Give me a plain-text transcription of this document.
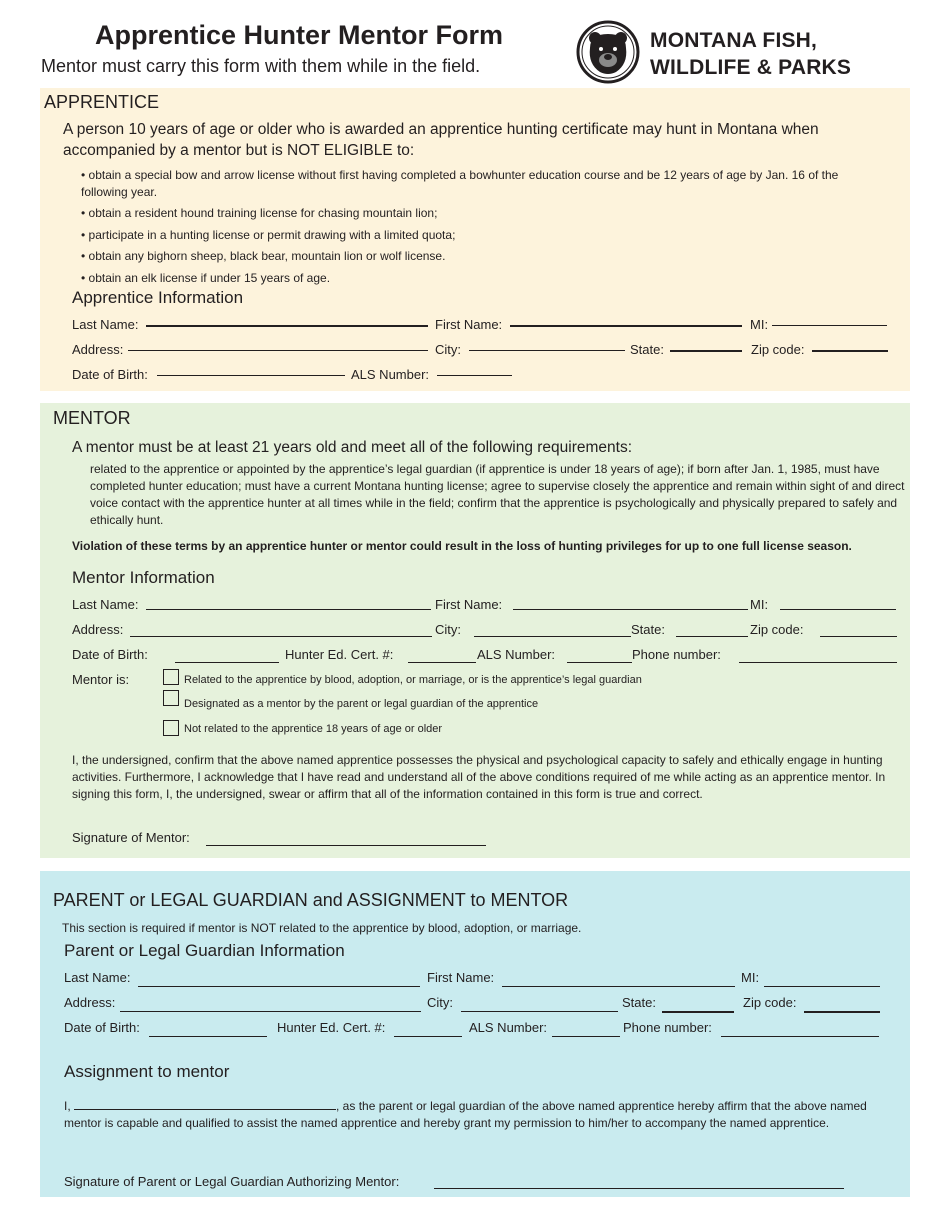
Apprentice Hunter Mentor Form
Mentor must carry this form with them while in the field.
MONTANA FISH,
WILDLIFE & PARKS
APPRENTICE
A person 10 years of age or older who is awarded an apprentice hunting certificate may hunt in Montana when accompanied by a mentor but is NOT ELIGIBLE to:
• obtain a special bow and arrow license without first having completed a bowhunter education course and be 12 years of age by Jan. 16 of the following year.
• obtain a resident hound training license for chasing mountain lion;
• participate in a hunting license or permit drawing with a limited quota;
• obtain any bighorn sheep, black bear, mountain lion or wolf license.
• obtain an elk license if under 15 years of age.
Apprentice Information
Last Name:	First Name:	MI:
Address:	City:	State:	Zip code:
Date of Birth:	ALS Number:
MENTOR
A mentor must be at least 21 years old and meet all of the following requirements:
related to the apprentice or appointed by the apprentice’s legal guardian (if apprentice is under 18 years of age); if born after Jan. 1, 1985, must have completed hunter education; must have a current Montana hunting license; agree to supervise closely the apprentice and remain within sight of and direct voice contact with the apprentice hunter at all times while in the field; confirm that the apprentice is psychologically and physically prepared to safely and ethically hunt.
Violation of these terms by an apprentice hunter or mentor could result in the loss of hunting privileges for up to one full license season.
Mentor Information
Last Name:	First Name:	MI:
Address:	City:	State:	Zip code:
Date of Birth:	Hunter Ed. Cert. #:	ALS Number:	Phone number:
Mentor is:	Related to the apprentice by blood, adoption, or marriage, or is the apprentice’s legal guardian
Designated as a mentor by the parent or legal guardian of the apprentice
Not related to the apprentice 18 years of age or older
I, the undersigned, confirm that the above named apprentice possesses the physical and psychological capacity to safely and ethically engage in hunting activities. Furthermore, I acknowledge that I have read and understand all of the above conditions required of me while acting as an apprentice mentor. In signing this form, I, the undersigned, swear or affirm that all of the information contained in this form is true and correct.
Signature of Mentor:
PARENT or LEGAL GUARDIAN and ASSIGNMENT to MENTOR
This section is required if mentor is NOT related to the apprentice by blood, adoption, or marriage.
Parent or Legal Guardian Information
Last Name:	First Name:	MI:
Address:	City:	State:	Zip code:
Date of Birth:	Hunter Ed. Cert. #:	ALS Number:	Phone number:
Assignment to mentor
I,	, as the parent or legal guardian of the above named apprentice hereby affirm that the above named mentor is capable and qualified to assist the named apprentice and hereby grant my permission to him/her to accompany the named apprentice.
Signature of Parent or Legal Guardian Authorizing Mentor:
